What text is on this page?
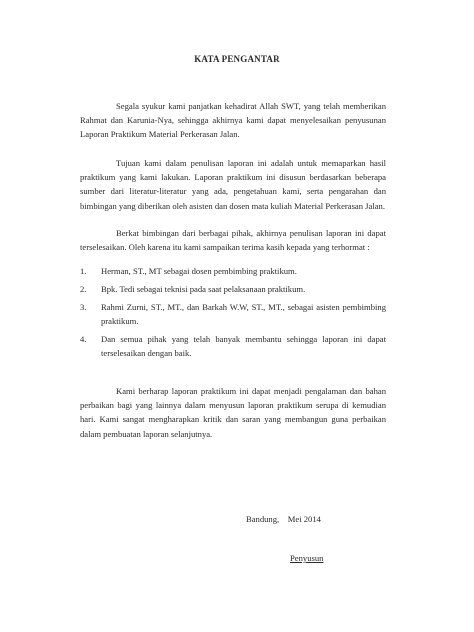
KATA PENGANTAR

Segala syukur kami panjatkan kehadirat Allah SWT, yang telah memberikan Rahmat dan Karunia-Nya, sehingga akhirnya kami dapat menyelesaikan penyusunan Laporan Praktikum Material Perkerasan Jalan.

Tujuan kami dalam penulisan laporan ini adalah untuk memaparkan hasil praktikum yang kami lakukan. Laporan praktikum ini disusun berdasarkan beberapa sumber dari literatur-literatur yang ada, pengetahuan kami, serta pengarahan dan bimbingan yang diberikan oleh asisten dan dosen mata kuliah Material Perkerasan Jalan.

Berkat bimbingan dari berbagai pihak, akhirnya penulisan laporan ini dapat terselesaikan. Oleh karena itu kami sampaikan terima kasih kepada yang terhormat :

1. Herman, ST., MT sebagai dosen pembimbing praktikum.
2. Bpk. Tedi sebagai teknisi pada saat pelaksanaan praktikum.
3. Rahmi Zurni, ST., MT., dan Barkah W.W, ST., MT., sebagai asisten pembimbing praktikum.
4. Dan semua pihak yang telah banyak membantu sehingga laporan ini dapat terselesaikan dengan baik.

Kami berharap laporan praktikum ini dapat menjadi pengalaman dan bahan perbaikan bagi yang lainnya dalam menyusun laporan praktikum serupa di kemudian hari. Kami sangat mengharapkan kritik dan saran yang membangun guna perbaikan dalam pembuatan laporan selanjutnya.

Bandung,    Mei 2014
Penyusun
